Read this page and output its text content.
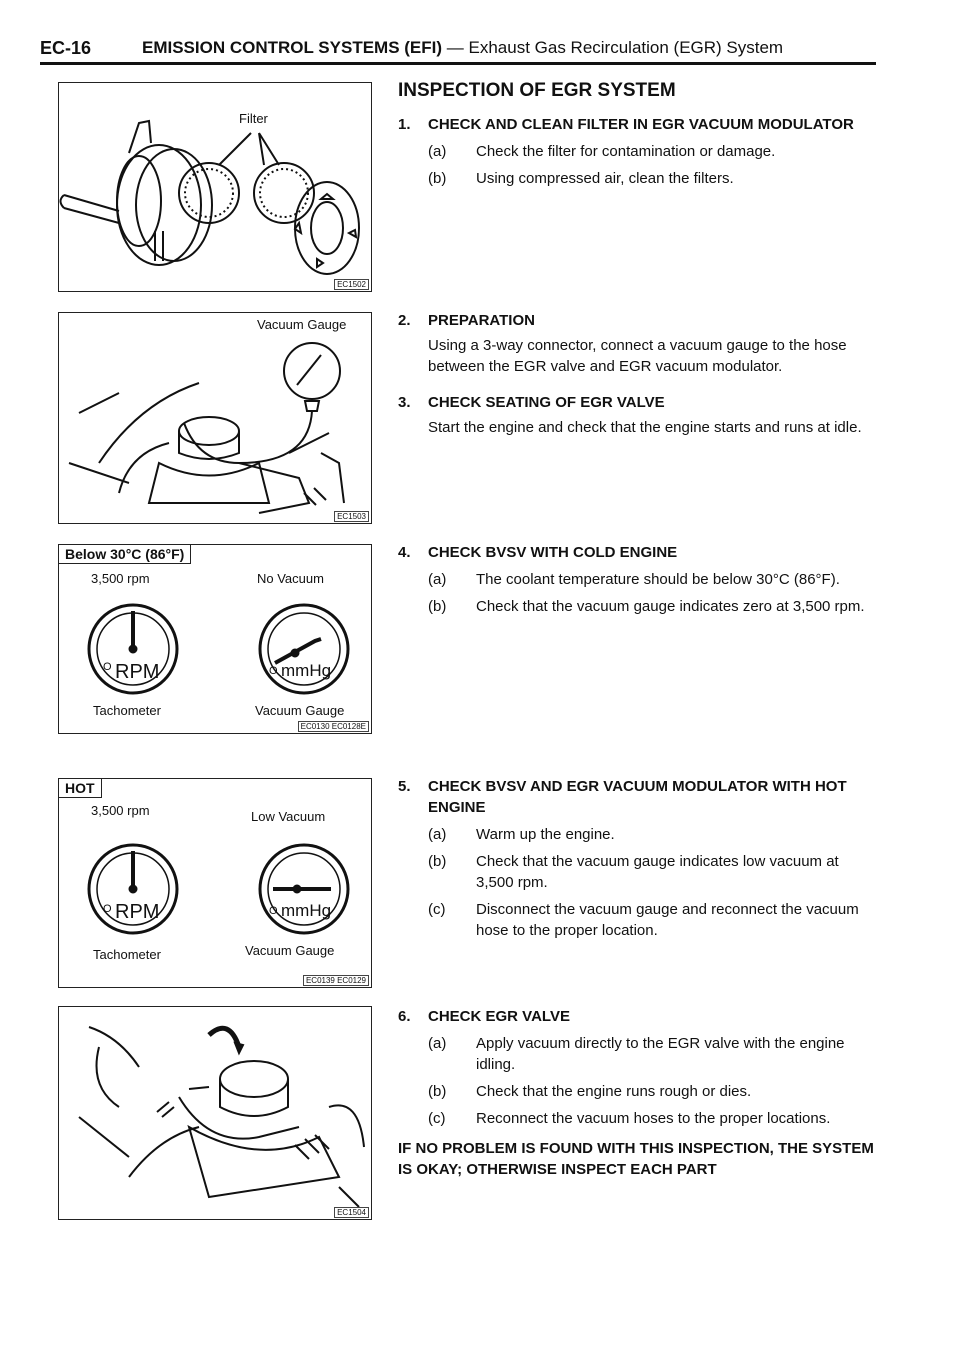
EC-16	EMISSION CONTROL SYSTEMS (EFI) — Exhaust Gas Recirculation (EGR) System
Filter
EC1502
Vacuum Gauge
EC1503
Below 30°C (86°F)
3,500 rpm	No Vacuum
O RPM	O mmHg
Tachometer	Vacuum Gauge
EC0130 EC0128E
HOT
3,500 rpm	Low Vacuum
O RPM	O mmHg
Tachometer	Vacuum Gauge
EC0139 EC0129
EC1504
INSPECTION OF EGR SYSTEM
1. CHECK AND CLEAN FILTER IN EGR VACUUM MODULATOR
(a) Check the filter for contamination or damage.
(b) Using compressed air, clean the filters.
2. PREPARATION
Using a 3-way connector, connect a vacuum gauge to the hose between the EGR valve and EGR vacuum modulator.
3. CHECK SEATING OF EGR VALVE
Start the engine and check that the engine starts and runs at idle.
4. CHECK BVSV WITH COLD ENGINE
(a) The coolant temperature should be below 30°C (86°F).
(b) Check that the vacuum gauge indicates zero at 3,500 rpm.
5. CHECK BVSV AND EGR VACUUM MODULATOR WITH HOT ENGINE
(a) Warm up the engine.
(b) Check that the vacuum gauge indicates low vacuum at 3,500 rpm.
(c) Disconnect the vacuum gauge and reconnect the vacuum hose to the proper location.
6. CHECK EGR VALVE
(a) Apply vacuum directly to the EGR valve with the engine idling.
(b) Check that the engine runs rough or dies.
(c) Reconnect the vacuum hoses to the proper locations.
IF NO PROBLEM IS FOUND WITH THIS INSPECTION, THE SYSTEM IS OKAY; OTHERWISE INSPECT EACH PART
